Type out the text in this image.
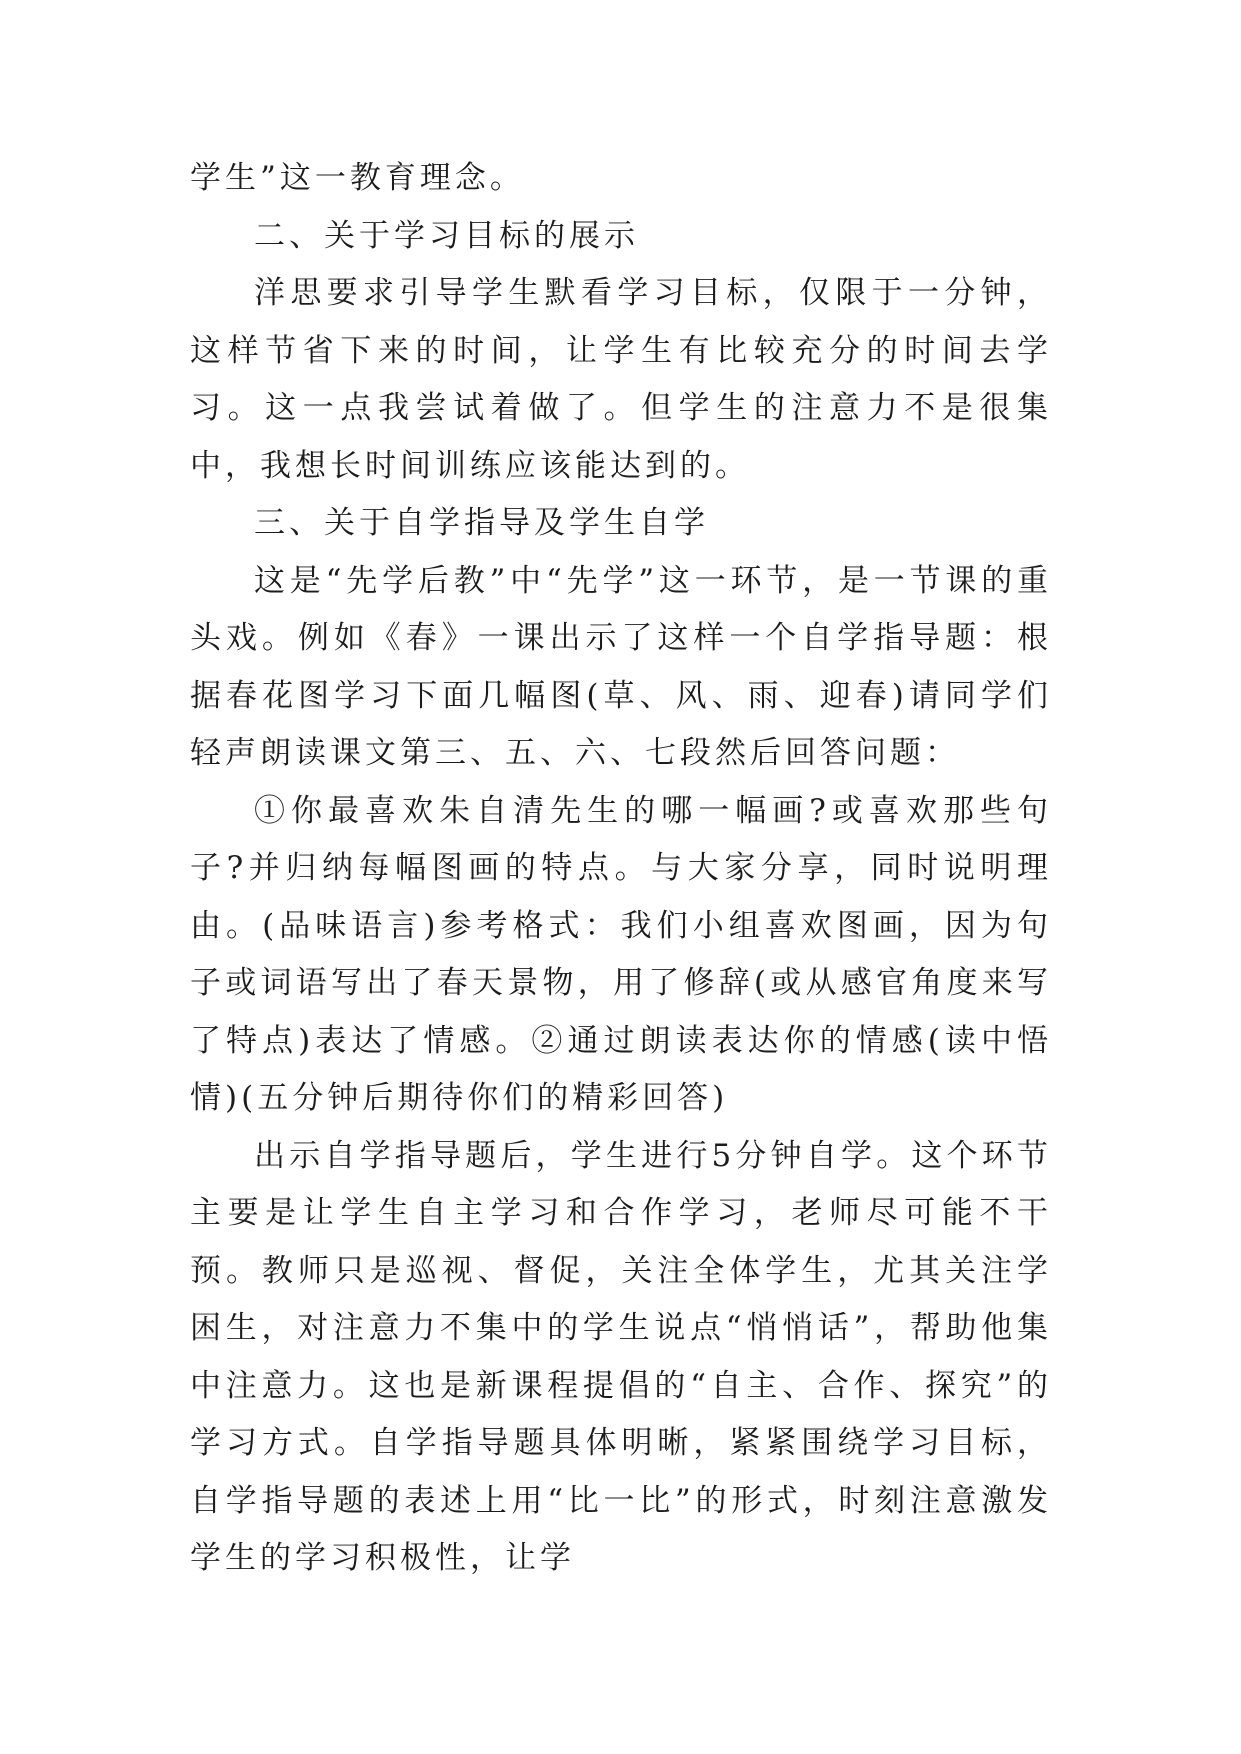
学生”这一教育理念。

二、关于学习目标的展示

洋思要求引导学生默看学习目标，仅限于一分钟，这样节省下来的时间，让学生有比较充分的时间去学习。这一点我尝试着做了。但学生的注意力不是很集中，我想长时间训练应该能达到的。

三、关于自学指导及学生自学

这是“先学后教”中“先学”这一环节，是一节课的重头戏。例如《春》一课出示了这样一个自学指导题：根据春花图学习下面几幅图(草、风、雨、迎春)请同学们轻声朗读课文第三、五、六、七段然后回答问题：

①你最喜欢朱自清先生的哪一幅画?或喜欢那些句子?并归纳每幅图画的特点。与大家分享，同时说明理由。(品味语言)参考格式：我们小组喜欢图画，因为句子或词语写出了春天景物，用了修辞(或从感官角度来写了特点)表达了情感。②通过朗读表达你的情感(读中悟情)(五分钟后期待你们的精彩回答)

出示自学指导题后，学生进行5分钟自学。这个环节主要是让学生自主学习和合作学习，老师尽可能不干预。教师只是巡视、督促，关注全体学生，尤其关注学困生，对注意力不集中的学生说点“悄悄话”，帮助他集中注意力。这也是新课程提倡的“自主、合作、探究”的学习方式。自学指导题具体明晰，紧紧围绕学习目标，自学指导题的表述上用“比一比”的形式，时刻注意激发学生的学习积极性，让学
